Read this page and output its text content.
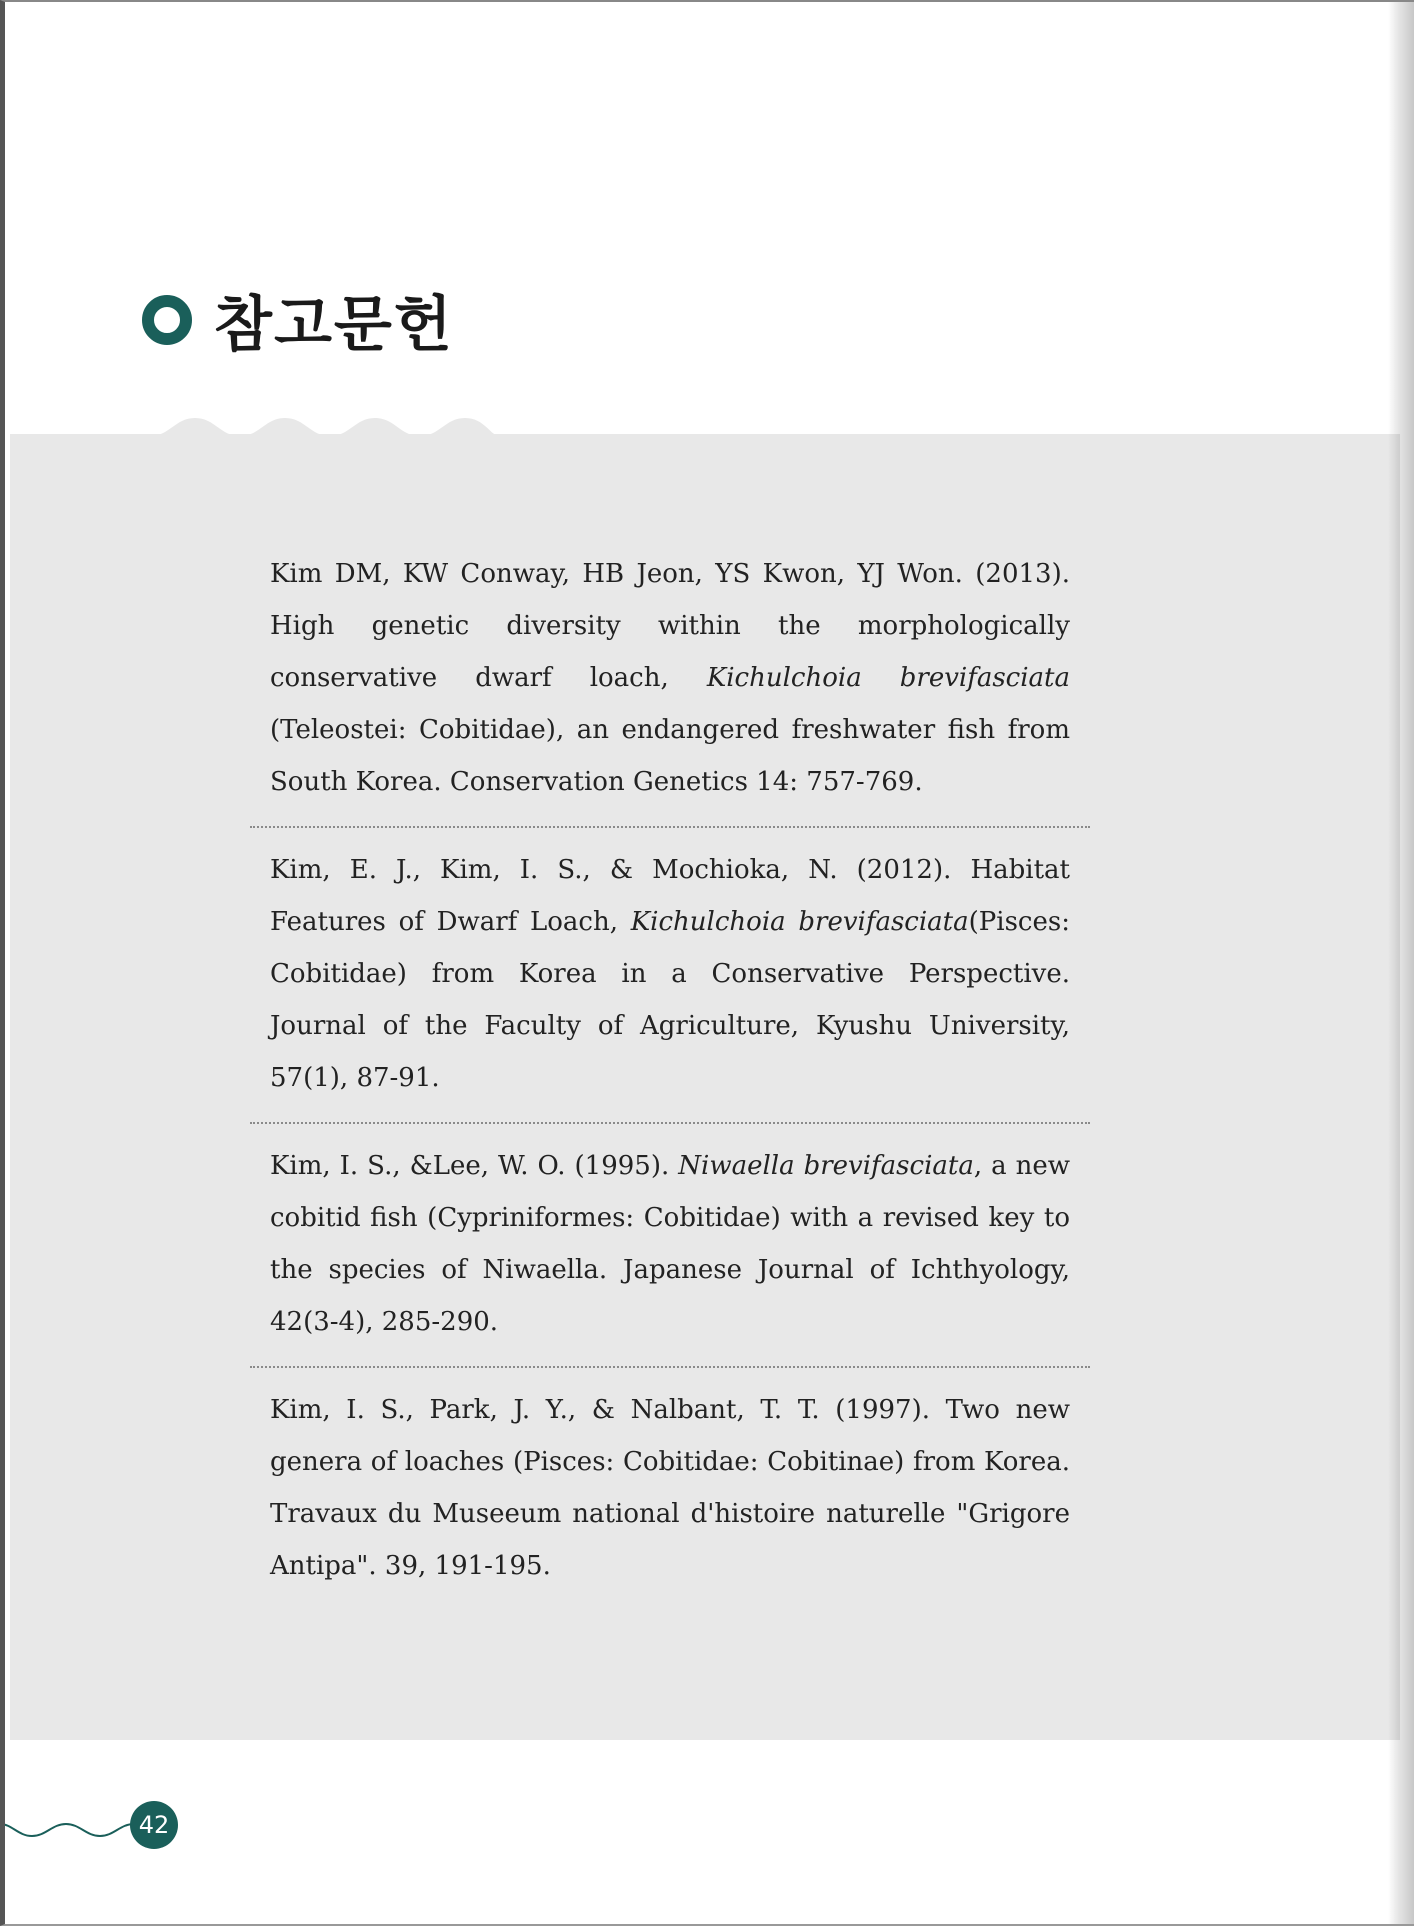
참고문헌
Kim DM, KW Conway, HB Jeon, YS Kwon, YJ Won. (2013). High genetic diversity within the morphologically conservative dwarf loach, Kichulchoia brevifasciata (Teleostei: Cobitidae), an endangered freshwater fish from South Korea. Conservation Genetics 14: 757-769.
Kim, E. J., Kim, I. S., & Mochioka, N. (2012). Habitat Features of Dwarf Loach, Kichulchoia brevifasciata(Pisces: Cobitidae) from Korea in a Conservative Perspective. Journal of the Faculty of Agriculture, Kyushu University, 57(1), 87-91.
Kim, I. S., &Lee, W. O. (1995). Niwaella brevifasciata, a new cobitid fish (Cypriniformes: Cobitidae) with a revised key to the species of Niwaella. Japanese Journal of Ichthyology, 42(3-4), 285-290.
Kim, I. S., Park, J. Y., & Nalbant, T. T. (1997). Two new genera of loaches (Pisces: Cobitidae: Cobitinae) from Korea. Travaux du Museeum national d'histoire naturelle "Grigore Antipa". 39, 191-195.
42
